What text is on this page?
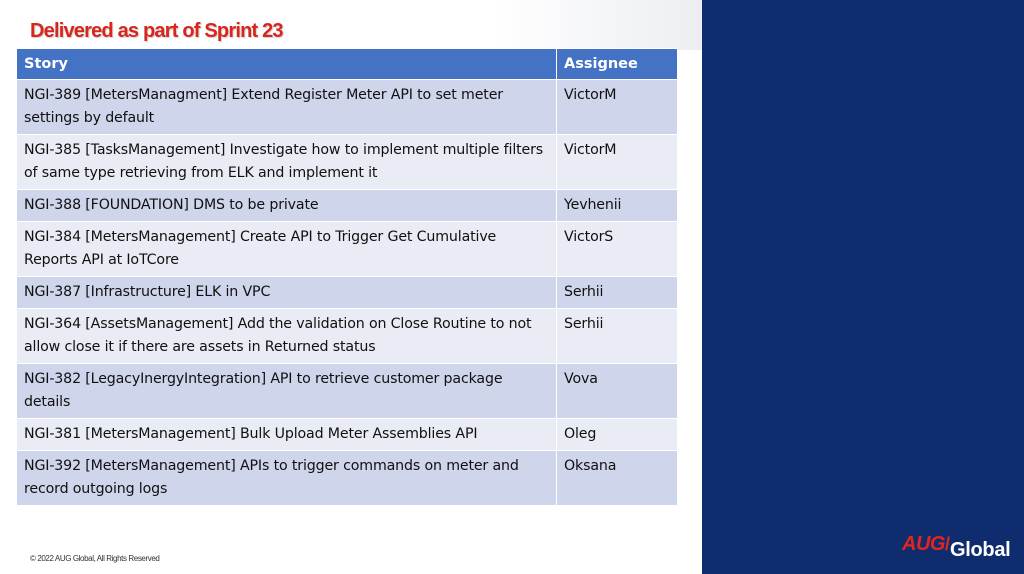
Delivered as part of Sprint 23
Story	Assignee
NGI-389 [MetersManagment] Extend Register Meter API to set meter settings by default	VictorM
NGI-385 [TasksManagement] Investigate how to implement multiple filters of same type retrieving from ELK and implement it	VictorM
NGI-388 [FOUNDATION] DMS to be private	Yevhenii
NGI-384 [MetersManagement] Create API to Trigger Get Cumulative Reports API at IoTCore	VictorS
NGI-387 [Infrastructure] ELK in VPC	Serhii
NGI-364 [AssetsManagement] Add the validation on Close Routine to not allow close it if there are assets in Returned status	Serhii
NGI-382 [LegacyInergyIntegration] API to retrieve customer package details	Vova
NGI-381 [MetersManagement] Bulk Upload Meter Assemblies API	Oleg
NGI-392 [MetersManagement] APIs to trigger commands on meter and record outgoing logs	Oksana
© 2022 AUG Global, All Rights Reserved
AUG/Global
